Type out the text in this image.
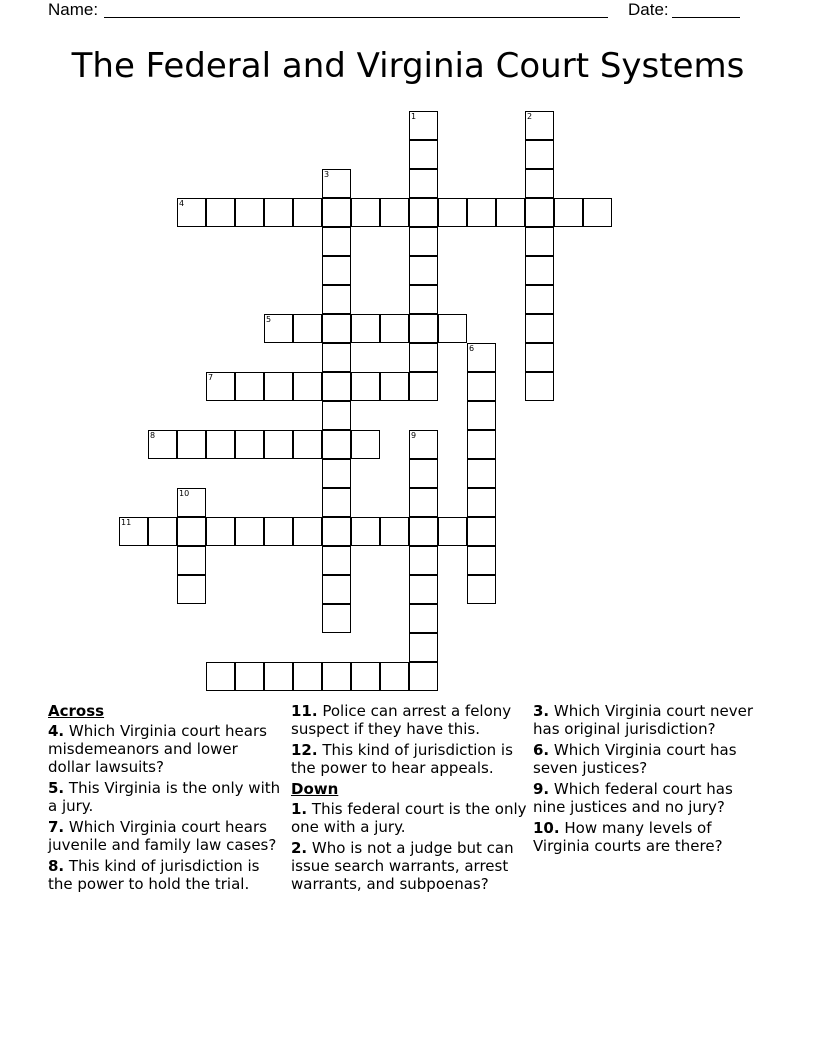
Name:	Date:
The Federal and Virginia Court Systems
1	2
3
4
5
6
7
8	9
10
11
Across
4. Which Virginia court hears misdemeanors and lower dollar lawsuits?
5. This Virginia is the only with a jury.
7. Which Virginia court hears juvenile and family law cases?
8. This kind of jurisdiction is the power to hold the trial.
11. Police can arrest a felony suspect if they have this.
12. This kind of jurisdiction is the power to hear appeals.
Down
1. This federal court is the only one with a jury.
2. Who is not a judge but can issue search warrants, arrest warrants, and subpoenas?
3. Which Virginia court never has original jurisdiction?
6. Which Virginia court has seven justices?
9. Which federal court has nine justices and no jury?
10. How many levels of Virginia courts are there?
